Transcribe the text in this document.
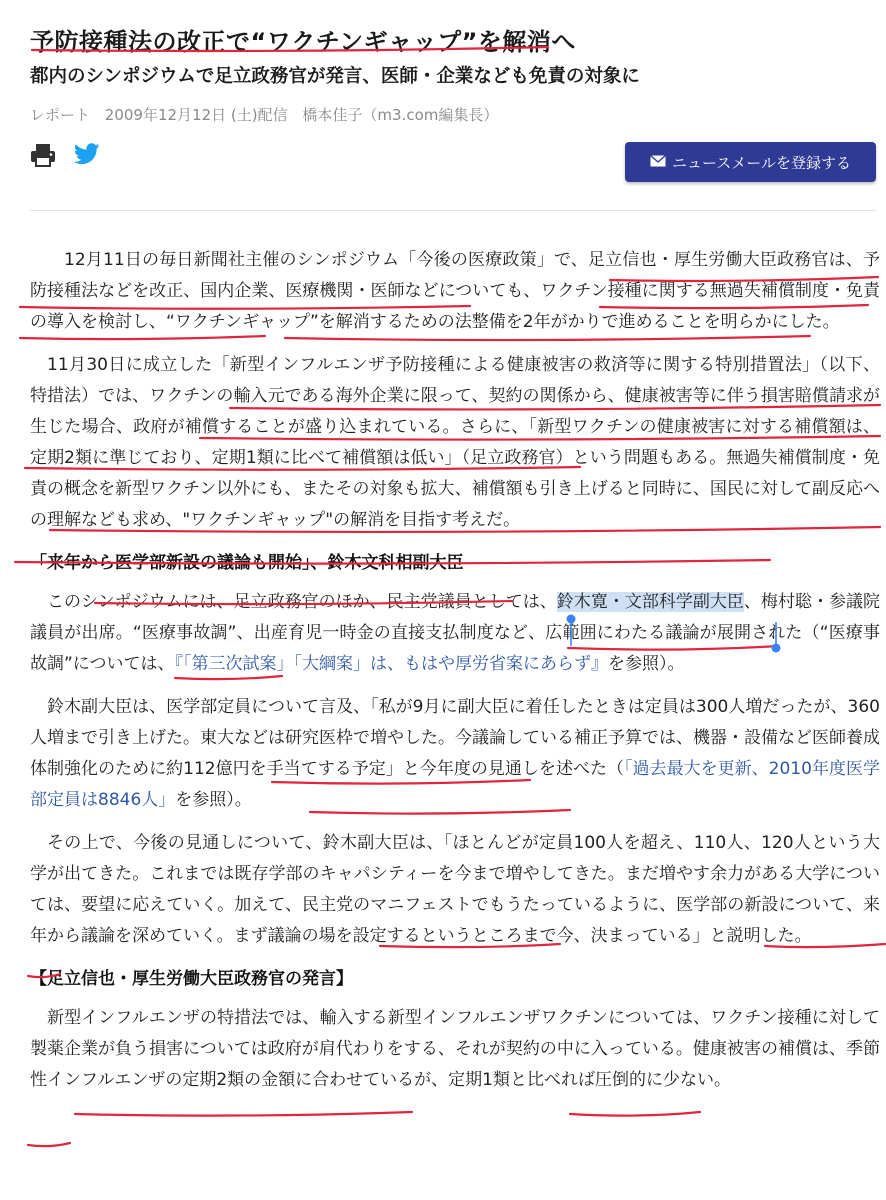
予防接種法の改正で“ワクチンギャップ”を解消へ
都内のシンポジウムで足立政務官が発言、医師・企業なども免責の対象に
レポート 2009年12月12日 (土)配信 橋本佳子（m3.com編集長）
ニュースメールを登録する

12月11日の毎日新聞社主催のシンポジウム「今後の医療政策」で、足立信也・厚生労働大臣政務官は、予防接種法などを改正、国内企業、医療機関・医師などについても、ワクチン接種に関する無過失補償制度・免責の導入を検討し、“ワクチンギャップ”を解消するための法整備を2年がかりで進めることを明らかにした。

11月30日に成立した「新型インフルエンザ予防接種による健康被害の救済等に関する特別措置法」（以下、特措法）では、ワクチンの輸入元である海外企業に限って、契約の関係から、健康被害等に伴う損害賠償請求が生じた場合、政府が補償することが盛り込まれている。さらに、「新型ワクチンの健康被害に対する補償額は、定期2類に準じており、定期1類に比べて補償額は低い」（足立政務官）という問題もある。無過失補償制度・免責の概念を新型ワクチン以外にも、またその対象も拡大、補償額も引き上げると同時に、国民に対して副反応への理解なども求め、"ワクチンギャップ"の解消を目指す考えだ。

「来年から医学部新設の議論も開始」、鈴木文科相副大臣

このシンポジウムには、足立政務官のほか、民主党議員としては、鈴木寛・文部科学副大臣、梅村聡・参議院議員が出席。“医療事故調”、出産育児一時金の直接支払制度など、広範囲にわたる議論が展開された（“医療事故調”については、『「第三次試案」「大綱案」は、もはや厚労省案にあらず』を参照）。

鈴木副大臣は、医学部定員について言及、「私が9月に副大臣に着任したときは定員は300人増だったが、360人増まで引き上げた。東大などは研究医枠で増やした。今議論している補正予算では、機器・設備など医師養成体制強化のために約112億円を手当てする予定」と今年度の見通しを述べた（「過去最大を更新、2010年度医学部定員は8846人」を参照）。

その上で、今後の見通しについて、鈴木副大臣は、「ほとんどが定員100人を超え、110人、120人という大学が出てきた。これまでは既存学部のキャパシティーを今まで増やしてきた。まだ増やす余力がある大学については、要望に応えていく。加えて、民主党のマニフェストでもうたっているように、医学部の新設について、来年から議論を深めていく。まず議論の場を設定するというところまで今、決まっている」と説明した。

【足立信也・厚生労働大臣政務官の発言】

新型インフルエンザの特措法では、輸入する新型インフルエンザワクチンについては、ワクチン接種に対して製薬企業が負う損害については政府が肩代わりをする、それが契約の中に入っている。健康被害の補償は、季節性インフルエンザの定期2類の金額に合わせているが、定期1類と比べれば圧倒的に少ない。
